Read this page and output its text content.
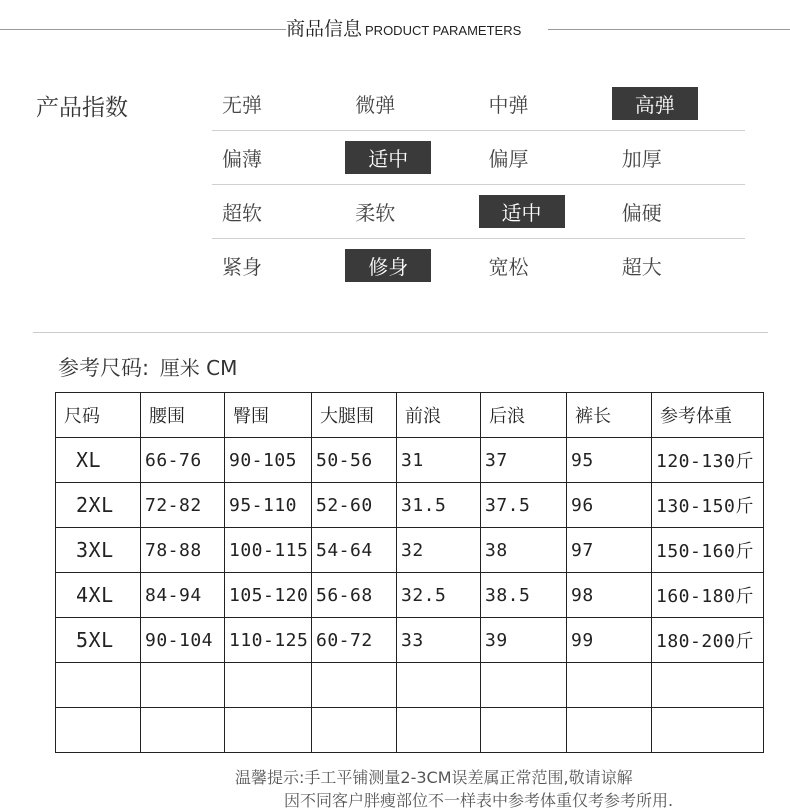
商品信息 PRODUCT PARAMETERS
产品指数	无弹	微弹	中弹	高弹
偏薄	适中	偏厚	加厚
超软	柔软	适中	偏硬
紧身	修身	宽松	超大
参考尺码: 厘米 CM
尺码	腰围	臀围	大腿围	前浪	后浪	裤长	参考体重
XL	66-76	90-105	50-56	31	37	95	120-130斤
2XL	72-82	95-110	52-60	31.5	37.5	96	130-150斤
3XL	78-88	100-115	54-64	32	38	97	150-160斤
4XL	84-94	105-120	56-68	32.5	38.5	98	160-180斤
5XL	90-104	110-125	60-72	33	39	99	180-200斤

温馨提示:手工平铺测量2-3CM误差属正常范围,敬请谅解
因不同客户胖瘦部位不一样表中参考体重仅考参考所用.
